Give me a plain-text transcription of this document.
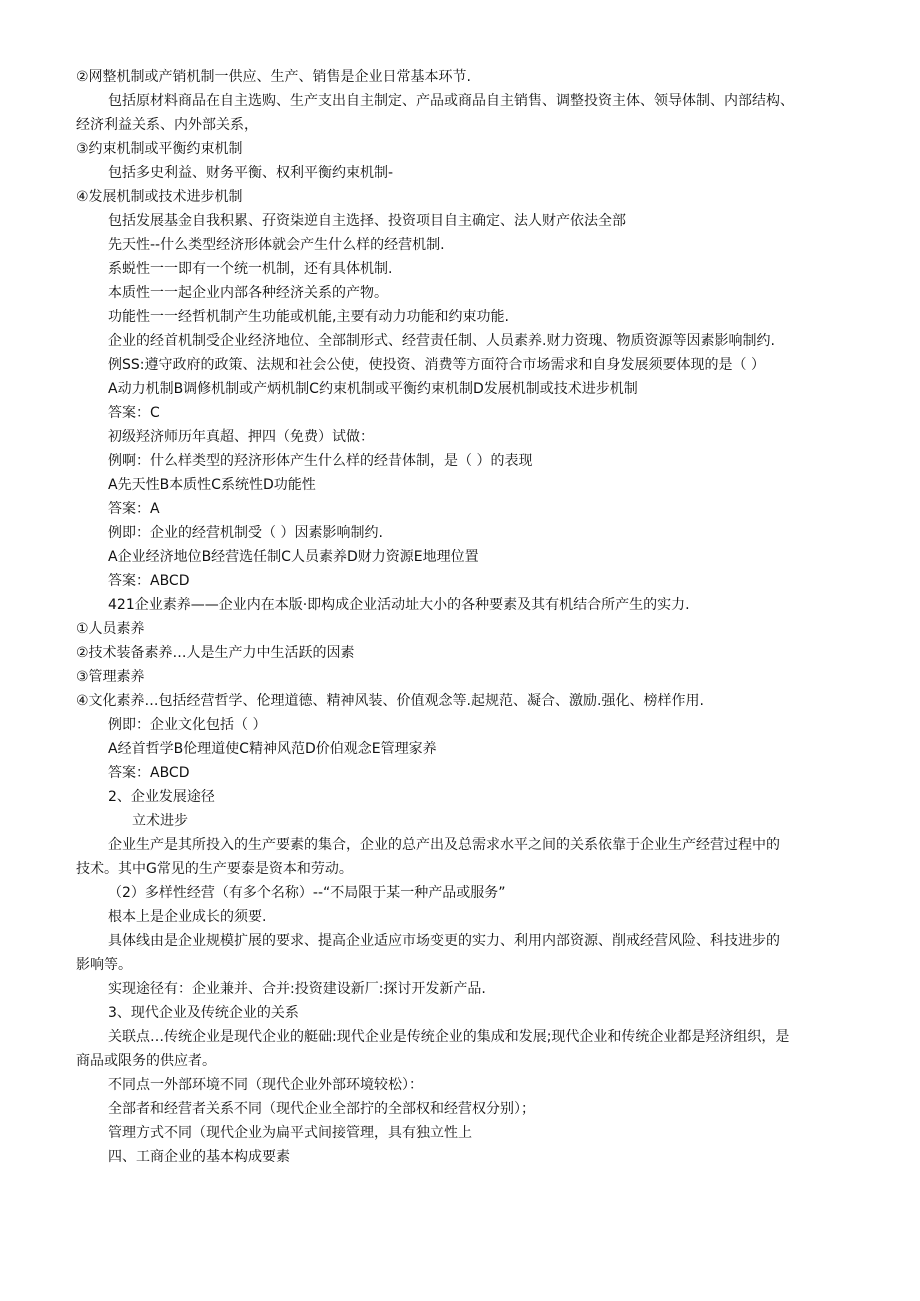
②网整机制或产销机制一供应、生产、销售是企业日常基本环节.
包括原材料商品在自主选购、生产支出自主制定、产品或商品自主销售、调整投资主体、领导体制、内部结构、
经济利益关系、内外部关系，
③约束机制或平衡约束机制
包括多史利益、财务平衡、权利平衡约束机制-
④发展机制或技术进步机制
包括发展基金自我积累、孖资柒逆自主选择、投资项目自主确定、法人财产依法全部
先天性--什么类型经济形体就会产生什么样的经营机制.
系蜕性一一即有一个统一机制，还有具体机制.
本质性一一起企业内部各种经济关系的产物。
功能性一一经哲机制产生功能或机能,主要有动力功能和约束功能.
企业的经首机制受企业经济地位、全部制形式、经营责任制、人员素养.财力资瑰、物质资源等因素影响制约.
例SS:遵守政府的政策、法规和社会公使，使投资、消费等方面符合市场需求和自身发展须要体现的是（ ）
A动力机制B调修机制或产炳机制C约束机制或平衡约束机制D发展机制或技术进步机制
答案：C
初级羟济师历年真超、押四（免费）试做：
例啊：什么样类型的羟济形体产生什么样的经昔体制，是（ ）的表现
A先天性B本质性C系统性D功能性
答案：A
例即：企业的经营机制受（ ）因素影响制约.
A企业经济地位B经营选任制C人员素养D财力资源E地理位置
答案：ABCD
421企业素养——企业内在本版·即构成企业活动址大小的各种要素及其有机结合所产生的实力.
①人员素养
②技术装备素养…人是生产力中生活跃的因素
③管理素养
④文化素养…包括经营哲学、伦理道德、精神风装、价值观念等.起规范、凝合、激励.强化、榜样作用.
例即：企业文化包括（ ）
A经首哲学B伦理道使C精神风范D价伯观念E管理家养
答案：ABCD
2、企业发展途径
立术进步
企业生产是其所投入的生产要素的集合，企业的总产出及总需求水平之间的关系依靠于企业生产经营过程中的
技术。其中G常见的生产要泰是资本和劳动。
（2）多样性经营（有多个名称）--“不局限于某一种产品或服务”
根本上是企业成长的须要.
具体线由是企业规模扩展的要求、提高企业适应市场变更的实力、利用内部资源、削戒经营风险、科技进步的
影响等。
实现途径有：企业兼并、合并:投资建设新厂:探讨开发新产品.
3、现代企业及传统企业的关系
关联点…传统企业是现代企业的艇础:现代企业是传统企业的集成和发展;现代企业和传统企业都是羟济组织，是
商品或限务的供应者。
不同点一外部环境不同（现代企业外部环境较松）：
全部者和经营者关系不同（现代企业全部拧的全部权和经营权分别）；
管理方式不同（现代企业为扁平式间接管理，具有独立性上
四、工商企业的基本构成要素
